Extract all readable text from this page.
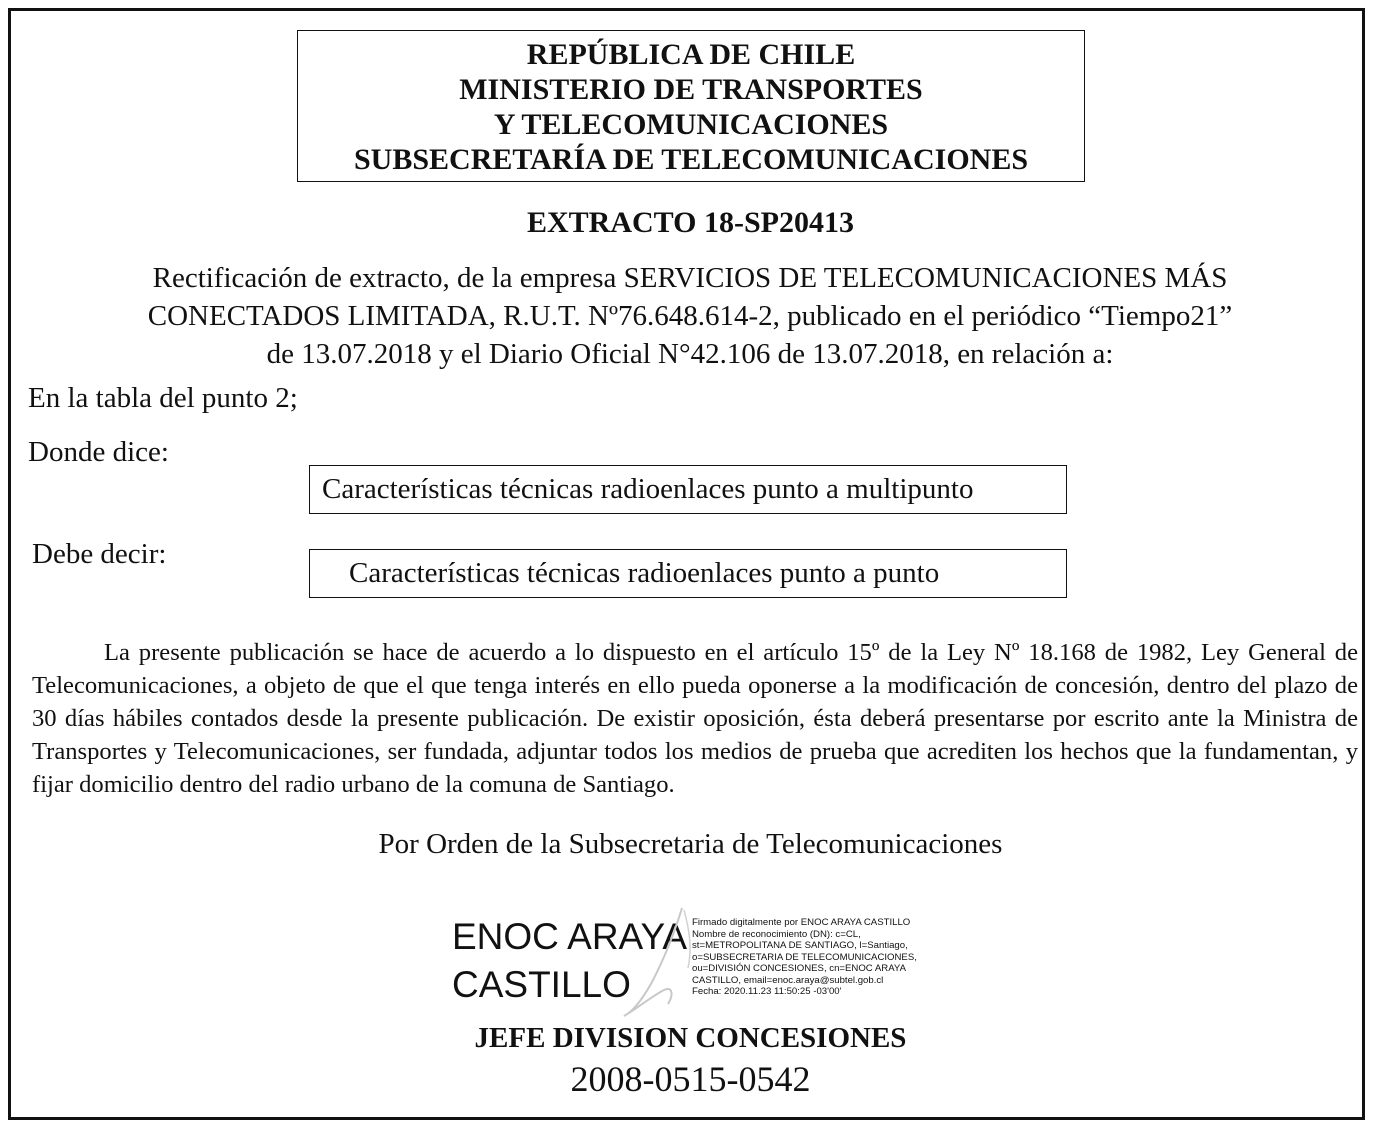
REPÚBLICA DE CHILE
MINISTERIO DE TRANSPORTES
Y TELECOMUNICACIONES
SUBSECRETARÍA DE TELECOMUNICACIONES
EXTRACTO 18-SP20413
Rectificación de extracto, de la empresa SERVICIOS DE TELECOMUNICACIONES MÁS
CONECTADOS LIMITADA, R.U.T. Nº76.648.614-2, publicado en el periódico “Tiempo21”
de 13.07.2018 y el Diario Oficial N°42.106 de 13.07.2018, en relación a:
En la tabla del punto 2;
Donde dice:
Características técnicas radioenlaces punto a multipunto
Debe decir:
Características técnicas radioenlaces punto a punto
La presente publicación se hace de acuerdo a lo dispuesto en el artículo 15º de la Ley Nº 18.168 de 1982, Ley General de Telecomunicaciones, a objeto de que el que tenga interés en ello pueda oponerse a la modificación de concesión, dentro del plazo de 30 días hábiles contados desde la presente publicación. De existir oposición, ésta deberá presentarse por escrito ante la Ministra de Transportes y Telecomunicaciones, ser fundada, adjuntar todos los medios de prueba que acrediten los hechos que la fundamentan, y fijar domicilio dentro del radio urbano de la comuna de Santiago.
Por Orden de la Subsecretaria de Telecomunicaciones
ENOC ARAYA
CASTILLO
Firmado digitalmente por ENOC ARAYA CASTILLO
Nombre de reconocimiento (DN): c=CL,
st=METROPOLITANA DE SANTIAGO, l=Santiago,
o=SUBSECRETARIA DE TELECOMUNICACIONES,
ou=DIVISIÓN CONCESIONES, cn=ENOC ARAYA
CASTILLO, email=enoc.araya@subtel.gob.cl
Fecha: 2020.11.23 11:50:25 -03'00'
JEFE DIVISION CONCESIONES
2008-0515-0542
